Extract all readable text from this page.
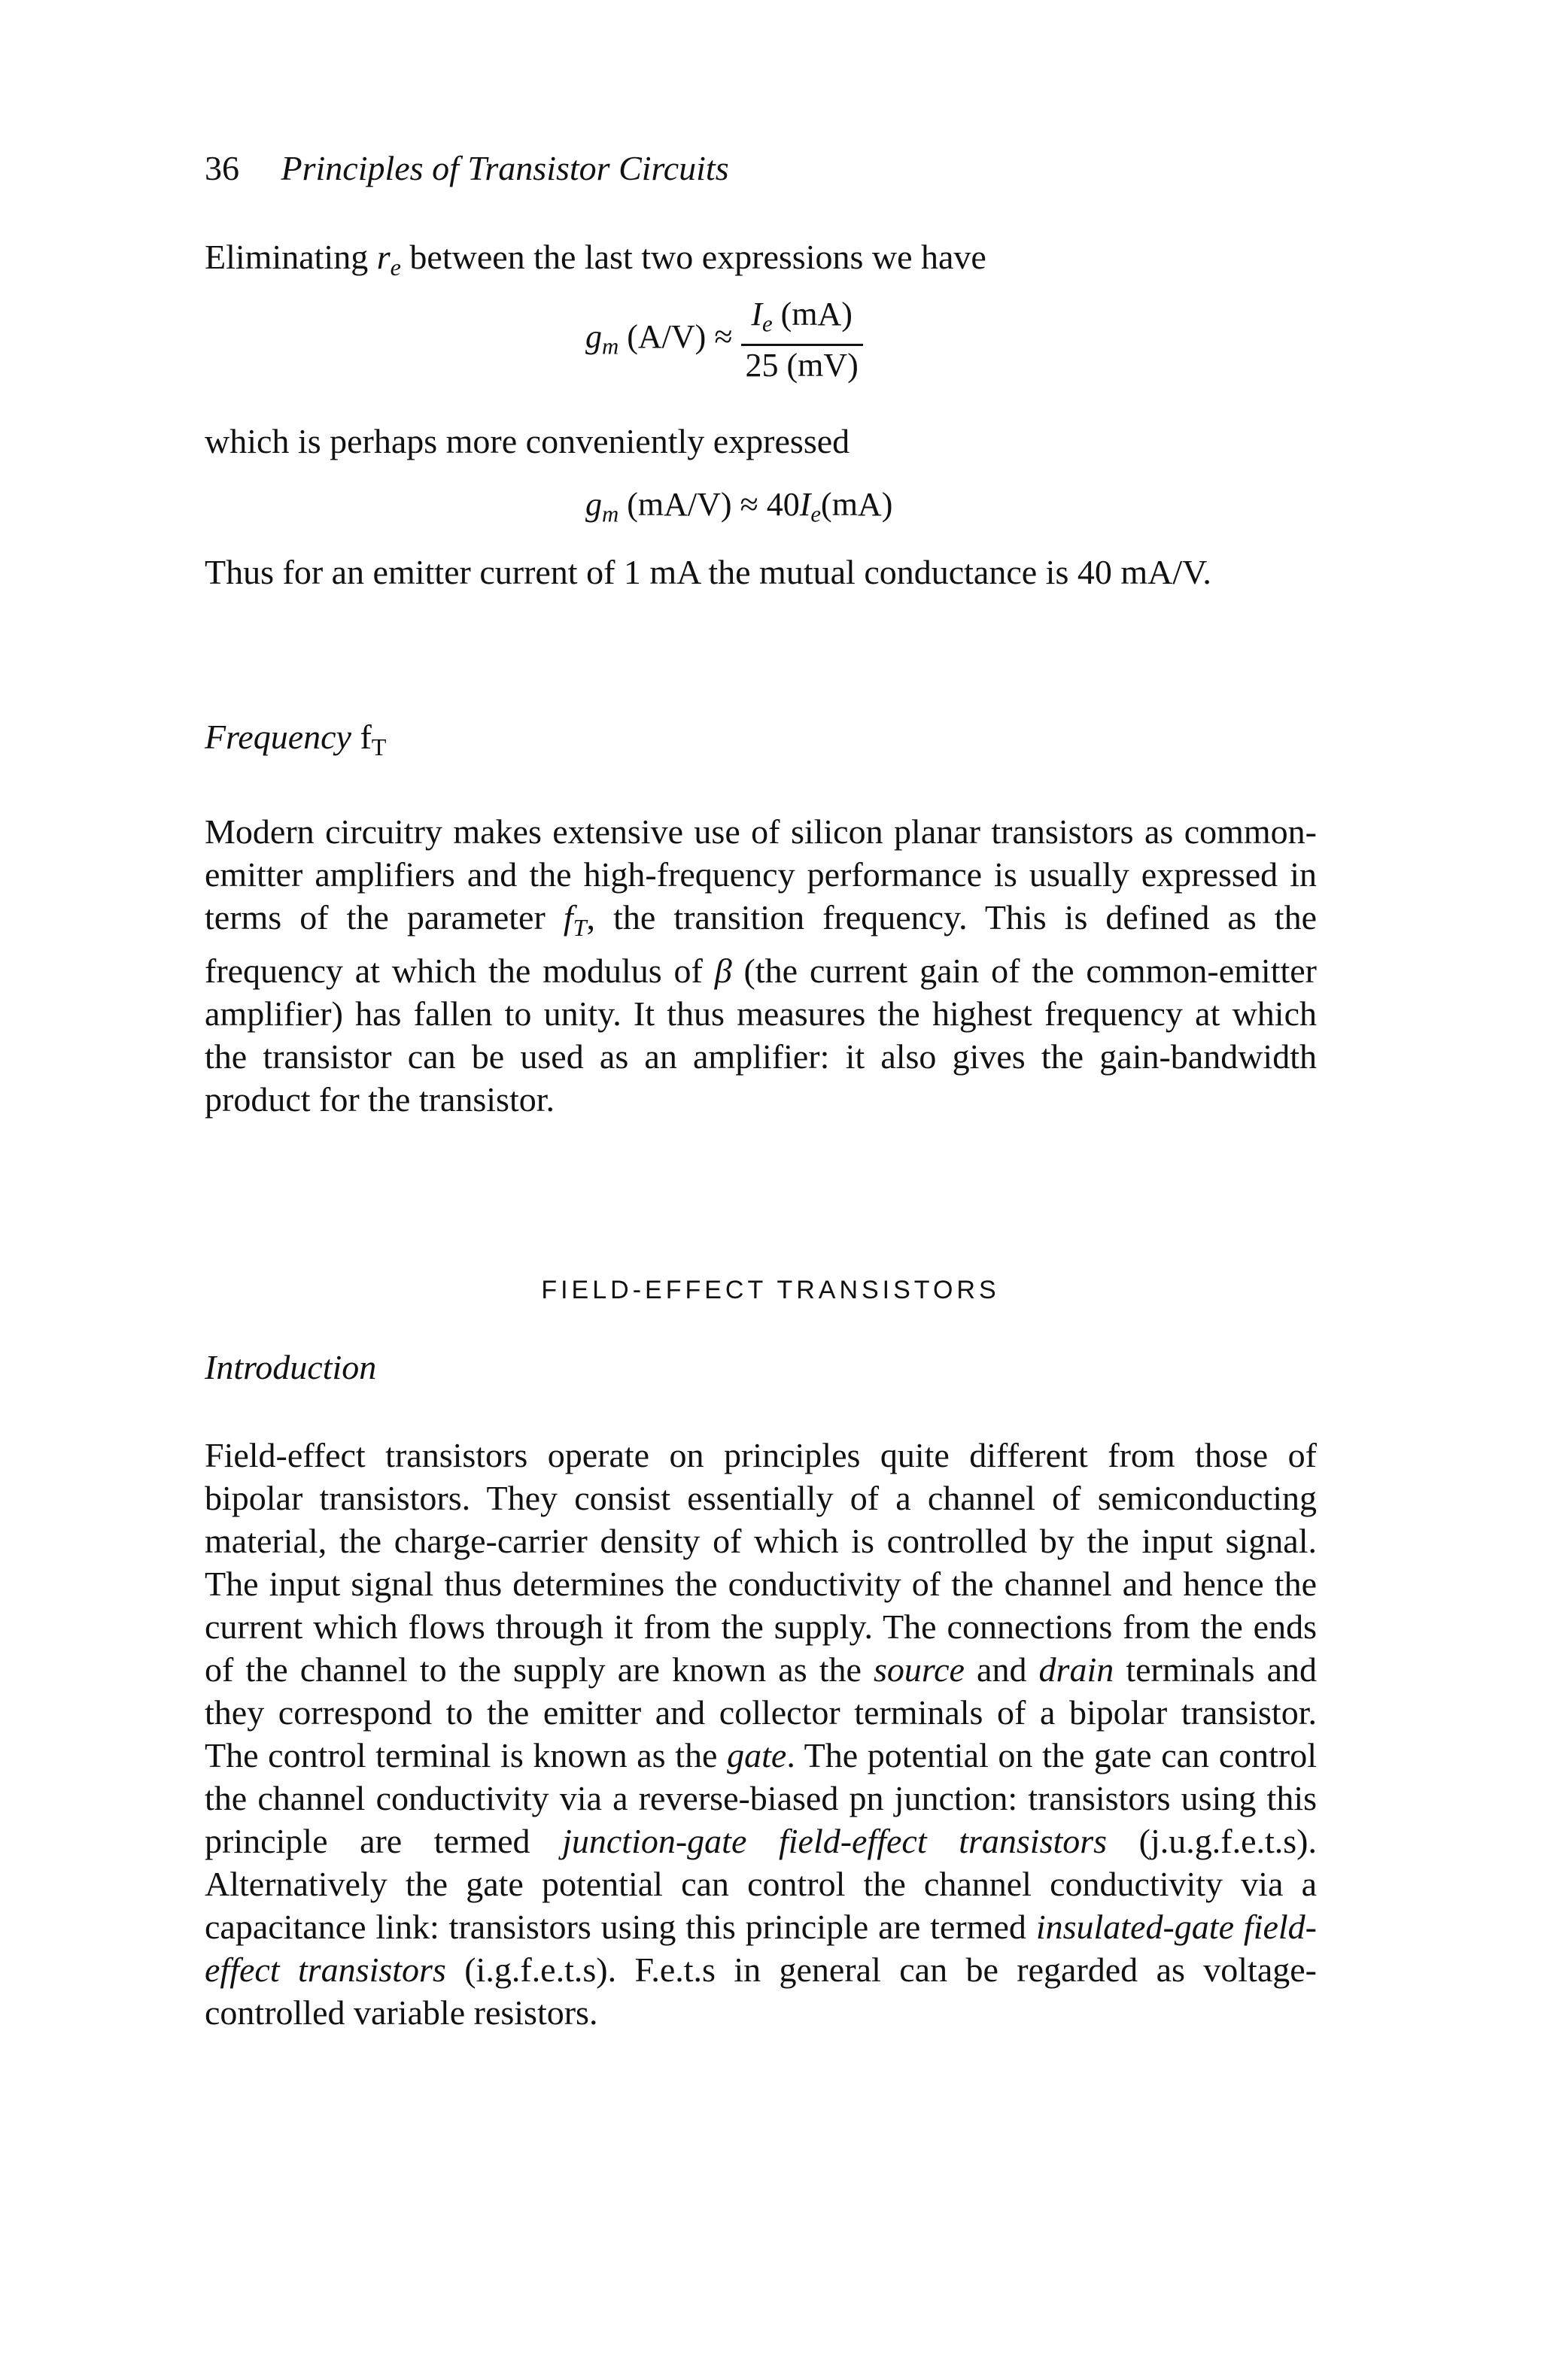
36 Principles of Transistor Circuits

Eliminating $r_e$ between the last two expressions we have

$g_m$ $(A/V) \approx \frac{I_e (mA)}{25 (mV)}$

which is perhaps more conveniently expressed

$g_m$ $(mA/V) \approx 40I_e(mA)$

Thus for an emitter current of 1 mA the mutual conductance is 40 mA/V.

Frequency $f_T$

Modern circuitry makes extensive use of silicon planar transistors as common-emitter amplifiers and the high-frequency performance is usually expressed in terms of the parameter $f_T$, the transition frequency. This is defined as the frequency at which the modulus of β (the current gain of the common-emitter amplifier) has fallen to unity. It thus measures the highest frequency at which the transistor can be used as an amplifier: it also gives the gain-bandwidth product for the transistor.

FIELD-EFFECT TRANSISTORS
Introduction

Field-effect transistors operate on principles quite different from those of bipolar transistors. They consist essentially of a channel of semiconducting material, the charge-carrier density of which is controlled by the input signal. The input signal thus determines the conductivity of the channel and hence the current which flows through it from the supply. The connections from the ends of the channel to the supply are known as the source and drain terminals and they correspond to the emitter and collector terminals of a bipolar transistor. The control terminal is known as the gate. The potential on the gate can control the channel conductivity via a reverse-biased pn junction: transistors using this principle are termed junction-gate field-effect transistors (j.u.g.f.e.t.s). Alternatively the gate potential can control the channel conductivity via a capacitance link: transistors using this principle are termed insulated-gate field-effect transistors (i.g.f.e.t.s). F.e.t.s in general can be regarded as voltage-controlled variable resistors.
